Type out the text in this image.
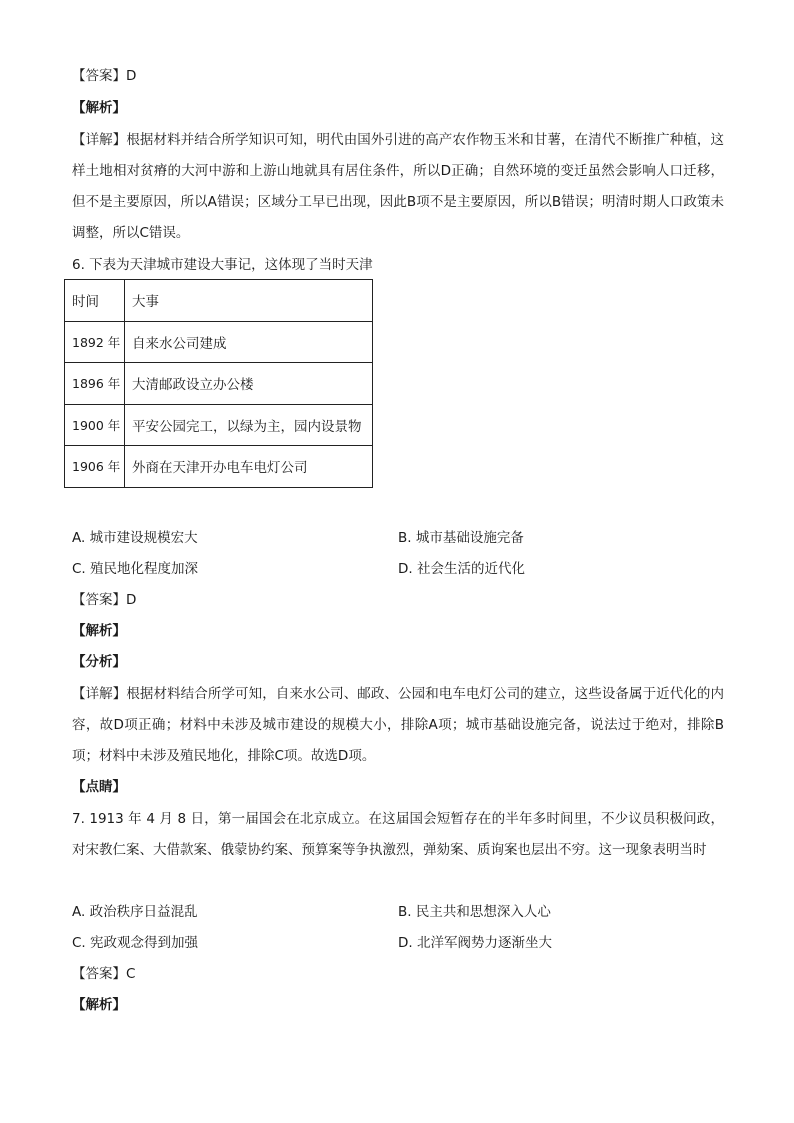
【答案】D
【解析】
【详解】根据材料并结合所学知识可知，明代由国外引进的高产农作物玉米和甘薯，在清代不断推广种植，这样土地相对贫瘠的大河中游和上游山地就具有居住条件，所以D正确；自然环境的变迁虽然会影响人口迁移，但不是主要原因，所以A错误；区域分工早已出现，因此B项不是主要原因，所以B错误；明清时期人口政策未调整，所以C错误。
6. 下表为天津城市建设大事记，这体现了当时天津
时间	大事
1892 年	自来水公司建成
1896 年	大清邮政设立办公楼
1900 年	平安公园完工，以绿为主，园内设景物
1906 年	外商在天津开办电车电灯公司
A. 城市建设规模宏大	B. 城市基础设施完备
C. 殖民地化程度加深	D. 社会生活的近代化
【答案】D
【解析】
【分析】
【详解】根据材料结合所学可知，自来水公司、邮政、公园和电车电灯公司的建立，这些设备属于近代化的内容，故D项正确；材料中未涉及城市建设的规模大小，排除A项；城市基础设施完备，说法过于绝对，排除B项；材料中未涉及殖民地化，排除C项。故选D项。
【点睛】
7. 1913 年 4 月 8 日，第一届国会在北京成立。在这届国会短暂存在的半年多时间里，不少议员积极问政，对宋教仁案、大借款案、俄蒙协约案、预算案等争执激烈，弹劾案、质询案也层出不穷。这一现象表明当时
A. 政治秩序日益混乱	B. 民主共和思想深入人心
C. 宪政观念得到加强	D. 北洋军阀势力逐渐坐大
【答案】C
【解析】
